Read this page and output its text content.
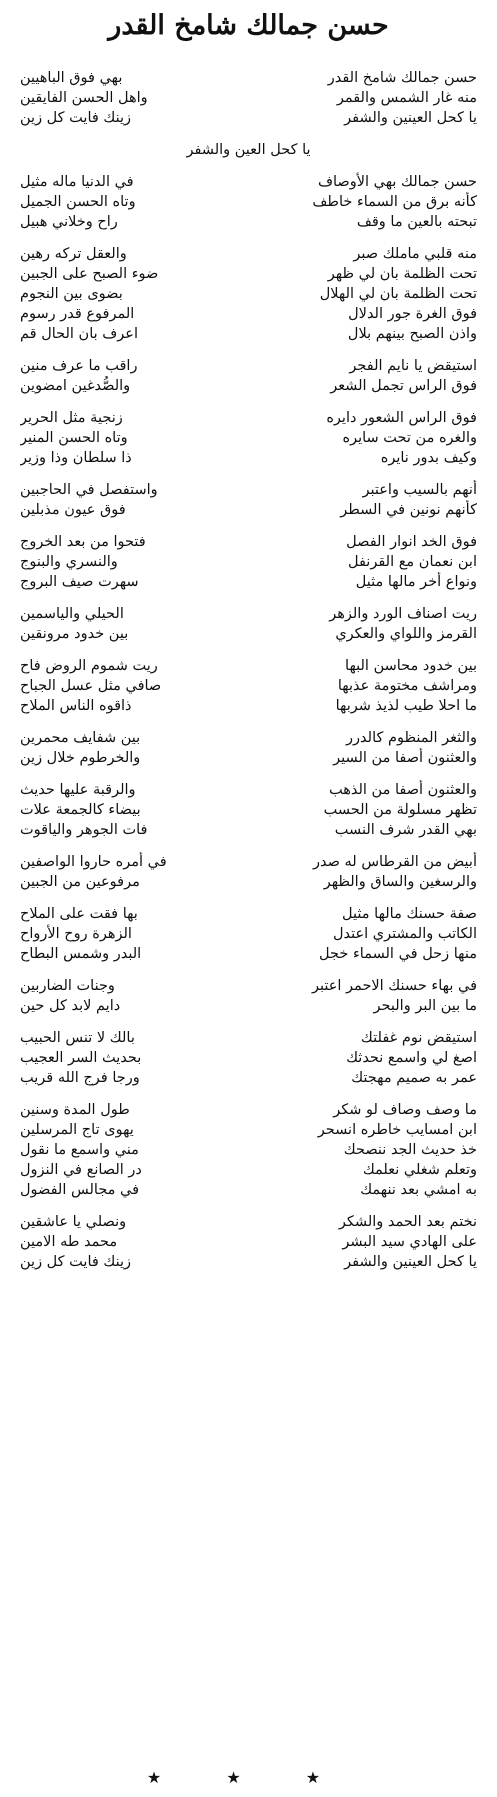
حسن جمالك شامخ القدر
حسن جمالك شامخ القدر
بهي فوق الباهيين
منه غار الشمس والقمر
واهل الحسن الفايقين
يا كحل العينين والشفر
زينك فايت كل زين
يا كحل العين والشفر
حسن جمالك بهي الأوصاف
في الدنيا ماله مثيل
كأنه برق من السماء خاطف
وتاه الحسن الجميل
تبحته بالعين ما وقف
راح وخلاني هبيل
منه قلبي ماملك صبر
والعقل تركه رهين
تحت الظلمة بان لي ظهر
ضوء الصبح على الجبين
تحت الظلمة بان لي الهلال
بضوى بين النجوم
فوق الغرة جور الدلال
المرفوع قدر رسوم
واذن الصبح بينهم بلال
اعرف بان الحال قم
استيقض يا نايم الفجر
راقب ما عرف منين
فوق الراس تجمل الشعر
والصُّدغين امضوين
فوق الراس الشعور دايره
زنجية مثل الحرير
والغره من تحت سايره
وتاه الحسن المنير
وكيف بدور نايره
ذا سلطان وذا وزير
أنهم بالسيب واعتبر
واستفصل في الحاجبين
كأنهم نونين في السطر
فوق عيون مذبلين
فوق الخد انوار الفصل
فتحوا من بعد الخروج
ابن نعمان مع القرنفل
والنسري والبنوج
ونواع أخر مالها مثيل
سهرت صيف البروج
ريت اصناف الورد والزهر
الحيلي والياسمين
القرمز واللواي والعكري
بين خدود مرونقين
بين خدود محاسن البها
ريت شموم الروض فاح
ومراشف مختومة عذبها
صافي مثل عسل الجباح
ما احلا طيب لذيذ شربها
ذاقوه الناس الملاح
والثغر المنظوم كالدرر
بين شفايف محمرين
والعثنون أصفا من السير
والخرطوم خلال زين
والعثنون أصفا من الذهب
والرقبة عليها حديث
تظهر مسلولة من الحسب
بيضاء كالجمعة علات
بهي القدر شرف النسب
فات الجوهر والياقوت
أبيض من القرطاس له صدر
في أمره حاروا الواصفين
والرسغين والساق والظهر
مرفوعين من الجبين
صفة حسنك مالها مثيل
بها فقت على الملاح
الكاتب والمشتري اعتدل
الزهرة روح الأرواح
منها زحل في السماء خجل
البدر وشمس البطاح
في بهاء حسنك الاحمر اعتبر
وجنات الضاربين
ما بين البر والبحر
دايم لابد كل حين
استيقض نوم غفلتك
بالك لا تنس الحبيب
اصغ لي واسمع نحدثك
بحديث السر العجيب
عمر به صميم مهجتك
ورجا فرج الله قريب
ما وصف وصاف لو شكر
طول المدة وسنين
ابن امسايب خاطره انسحر
يهوى تاج المرسلين
خذ حديث الجد ننصحك
مني واسمع ما نقول
وتعلم شغلي نعلمك
در الصانع في النزول
به امشي بعد ننهمك
في مجالس الفضول
نختم بعد الحمد والشكر
ونصلي يا عاشقين
على الهادي سيد البشر
محمد طه الامين
يا كحل العينين والشفر
زينك فايت كل زين
★ ★ ★
